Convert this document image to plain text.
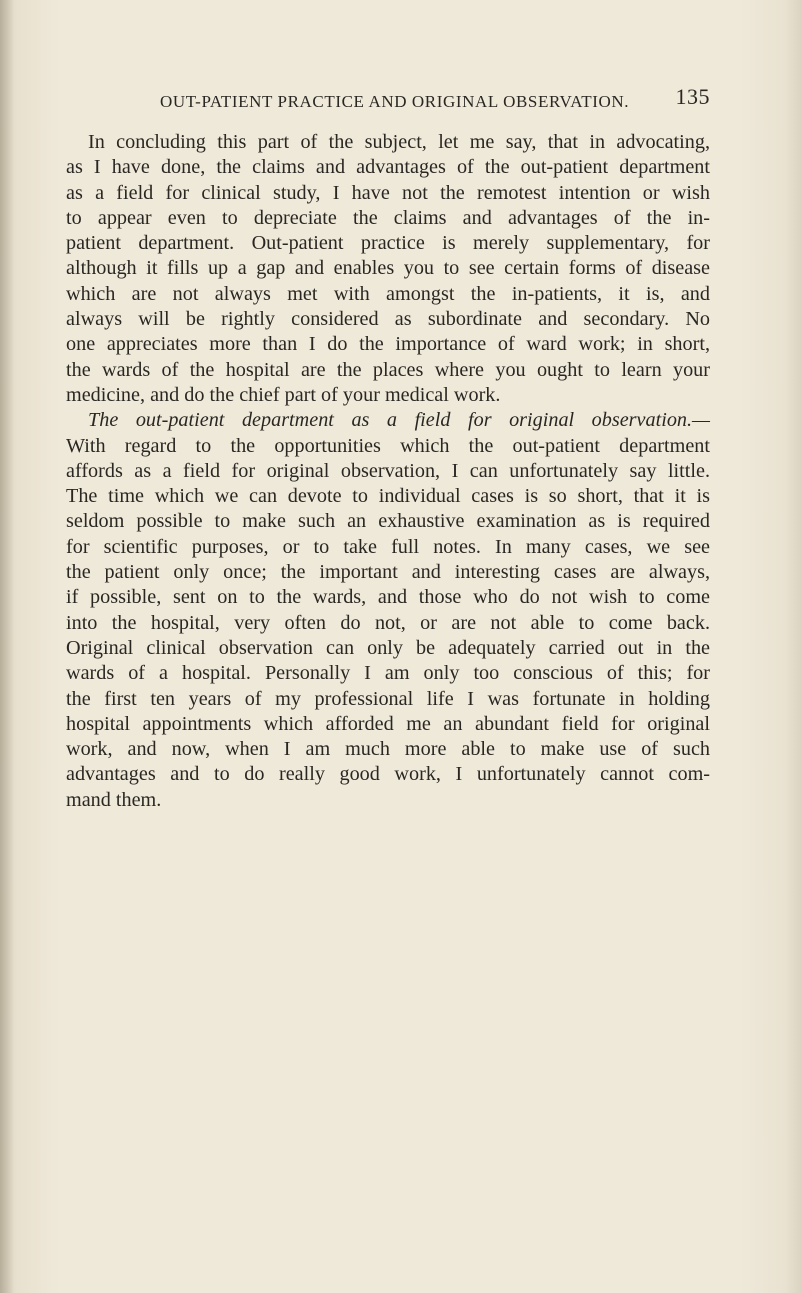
OUT-PATIENT PRACTICE AND ORIGINAL OBSERVATION. 135
In concluding this part of the subject, let me say, that in advocating,
as I have done, the claims and advantages of the out-patient department
as a field for clinical study, I have not the remotest intention or wish
to appear even to depreciate the claims and advantages of the in-
patient department. Out-patient practice is merely supplementary, for
although it fills up a gap and enables you to see certain forms of disease
which are not always met with amongst the in-patients, it is, and
always will be rightly considered as subordinate and secondary. No
one appreciates more than I do the importance of ward work; in short,
the wards of the hospital are the places where you ought to learn your
medicine, and do the chief part of your medical work.
The out-patient department as a field for original observation.—
With regard to the opportunities which the out-patient department
affords as a field for original observation, I can unfortunately say little.
The time which we can devote to individual cases is so short, that it is
seldom possible to make such an exhaustive examination as is required
for scientific purposes, or to take full notes. In many cases, we see
the patient only once; the important and interesting cases are always,
if possible, sent on to the wards, and those who do not wish to come
into the hospital, very often do not, or are not able to come back.
Original clinical observation can only be adequately carried out in the
wards of a hospital. Personally I am only too conscious of this; for
the first ten years of my professional life I was fortunate in holding
hospital appointments which afforded me an abundant field for original
work, and now, when I am much more able to make use of such
advantages and to do really good work, I unfortunately cannot com-
mand them.
